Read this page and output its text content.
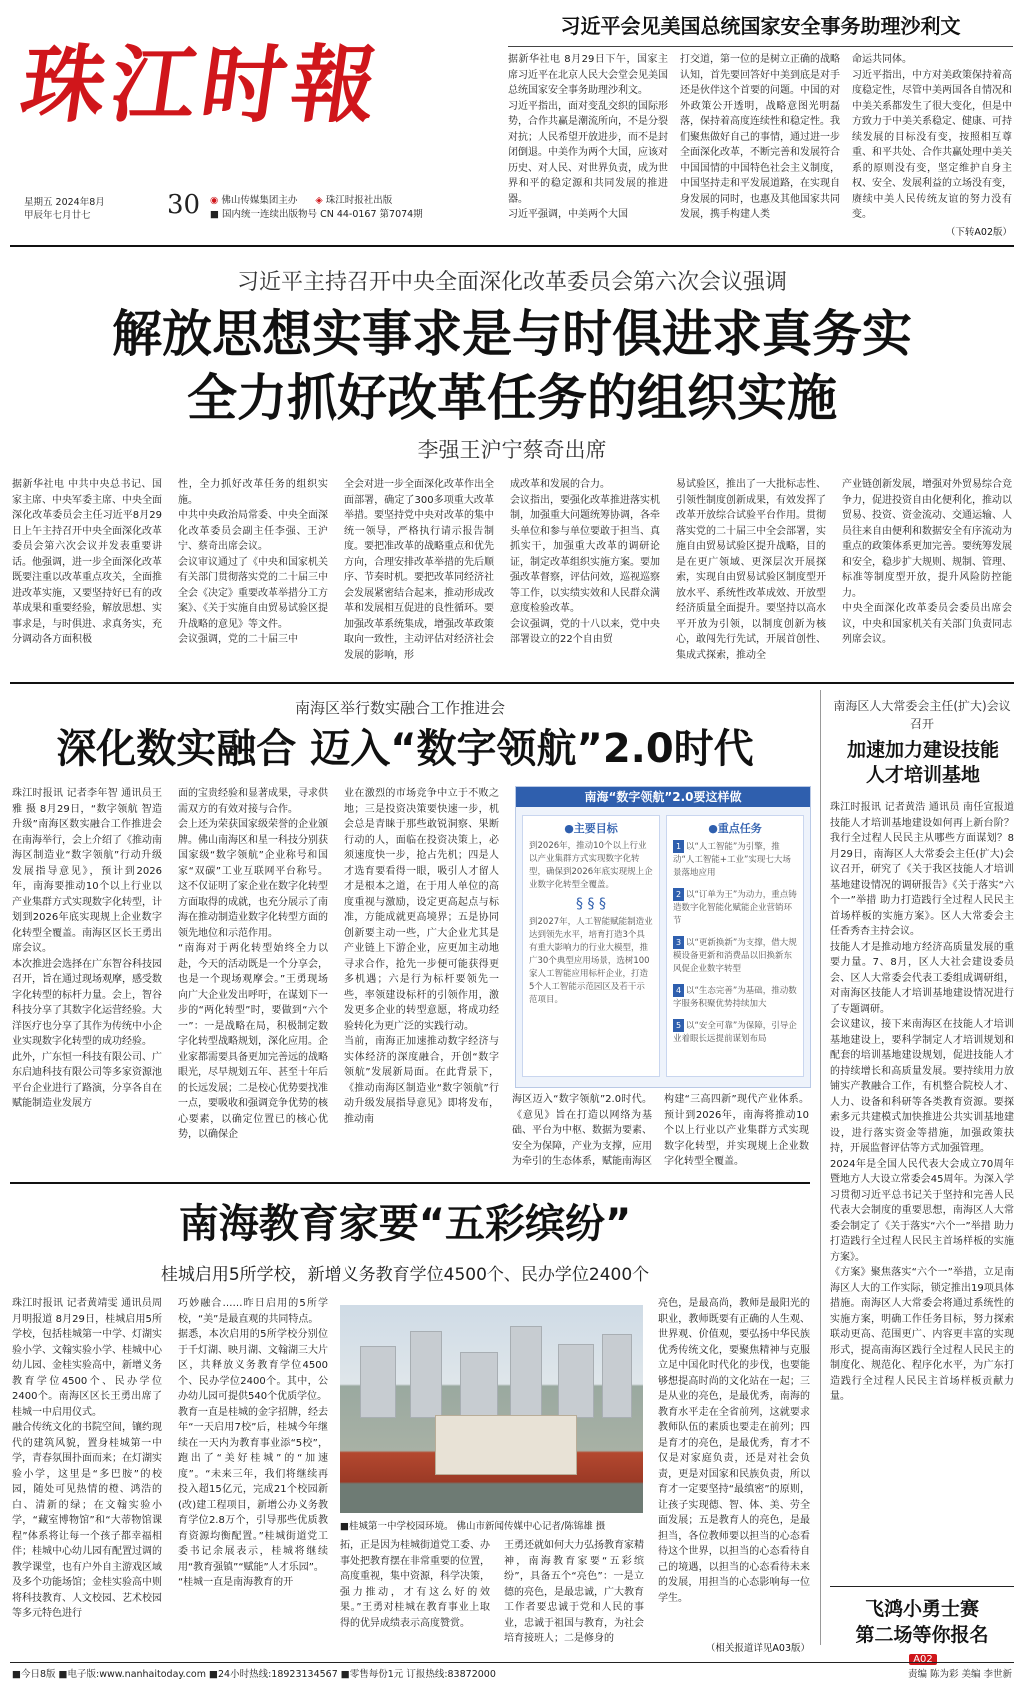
珠江时報
星期五 2024年8月
甲辰年七月廿七	30 ◉ 佛山传媒集团主办 ◈ 珠江时报社出版
■ 国内统一连续出版物号 CN 44-0167 第7074期
习近平会见美国总统国家安全事务助理沙利文
据新华社电 8月29日下午，国家主席习近平在北京人民大会堂会见美国总统国家安全事务助理沙利文。
习近平指出，面对变乱交织的国际形势，合作共赢是潮流所向，不是分裂对抗；人民希望开放进步，而不是封闭倒退。中美作为两个大国，应该对历史、对人民、对世界负责，成为世界和平的稳定源和共同发展的推进器。
习近平强调，中美两个大国
打交道，第一位的是树立正确的战略认知，首先要回答好中美到底是对手还是伙伴这个首要的问题。中国的对外政策公开透明，战略意图光明磊落，保持着高度连续性和稳定性。我们聚焦做好自己的事情，通过进一步全面深化改革，不断完善和发展符合中国国情的中国特色社会主义制度，中国坚持走和平发展道路，在实现自身发展的同时，也惠及其他国家共同发展，携手构建人类
命运共同体。
习近平指出，中方对美政策保持着高度稳定性，尽管中美两国各自情况和中美关系都发生了很大变化，但是中方致力于中美关系稳定、健康、可持续发展的目标没有变，按照相互尊重、和平共处、合作共赢处理中美关系的原则没有变，坚定维护自身主权、安全、发展利益的立场没有变，赓续中美人民传统友谊的努力没有变。
（下转A02版）
习近平主持召开中央全面深化改革委员会第六次会议强调
解放思想实事求是与时俱进求真务实
全力抓好改革任务的组织实施
李强王沪宁蔡奇出席
据新华社电 中共中央总书记、国家主席、中央军委主席、中央全面深化改革委员会主任习近平8月29日上午主持召开中央全面深化改革委员会第六次会议并发表重要讲话。他强调，进一步全面深化改革既要注重以改革重点攻关，全面推进改革实施，又要坚持好已有的改革成果和重要经验，解放思想、实事求是，与时俱进、求真务实，充分调动各方面积极
性，全力抓好改革任务的组织实施。
中共中央政治局常委、中央全面深化改革委员会副主任李强、王沪宁、蔡奇出席会议。
会议审议通过了《中央和国家机关有关部门贯彻落实党的二十届三中全会《决定》重要改革举措分工方案》、《关于实施自由贸易试验区提升战略的意见》等文件。
会议强调，党的二十届三中
全会对进一步全面深化改革作出全面部署，确定了300多项重大改革举措。要坚持党中央对改革的集中统一领导，严格执行请示报告制度。要把准改革的战略重点和优先方向，合理安排改革举措的先后顺序、节奏时机。要把改革同经济社会发展紧密结合起来，推动形成改革和发展相互促进的良性循环。要加强改革系统集成，增强改革政策取向一致性，主动评估对经济社会发展的影响，形
成改革和发展的合力。
会议指出，要强化改革推进落实机制，加强重大问题统筹协调，各牵头单位和参与单位要敢于担当、真抓实干，加强重大改革的调研论证，制定改革组织实施方案。要加强改革督察，评估问效，巡视巡察等工作，以实绩实效和人民群众满意度检验改革。
会议强调，党的十八以来，党中央部署设立的22个自由贸
易试验区，推出了一大批标志性、引领性制度创新成果，有效发挥了改革开放综合试验平台作用。贯彻落实党的二十届三中全会部署，实施自由贸易试验区提升战略，目的是在更广领域、更深层次开展探索，实现自由贸易试验区制度型开放水平、系统性改革成效、开放型经济质量全面提升。要坚持以高水平开放为引领，以制度创新为核心，敢闯先行先试，开展首创性、集成式探索，推动全
产业链创新发展，增强对外贸易综合竞争力，促进投资自由化便利化，推动以贸易、投资、资金流动、交通运输、人员往来自由便利和数据安全有序流动为重点的政策体系更加完善。要统筹发展和安全，稳步扩大规则、规制、管理、标准等制度型开放，提升风险防控能力。
中央全面深化改革委员会委员出席会议，中央和国家机关有关部门负责同志列席会议。
南海区举行数实融合工作推进会
深化数实融合 迈入“数字领航”2.0时代
珠江时报讯 记者李年智 通讯员王雅 摄 8月29日，“数字领航 智造升级”南海区数实融合工作推进会在南海举行，会上介绍了《推动南海区制造业“数字领航”行动升级发展指导意见》，预计到2026年，南海要推动10个以上行业以产业集群方式实现数字化转型，计划到2026年底实现规上企业数字化转型全覆盖。南海区区长王勇出席会议。
本次推进会选择在广东智谷科技园召开，旨在通过现场观摩，感受数字化转型的标杆力量。会上，智谷科技分享了其数字化运营经验。大洋医疗也分享了其作为传统中小企业实现数字化转型的成功经验。
此外，广东恒一科技有限公司、广东启迪科技有限公司等多家资源池平台企业进行了路演，分享各自在赋能制造业发展方
面的宝贵经验和显著成果，寻求供需双方的有效对接与合作。
会上还为荣获国家级荣誉的企业颁牌。佛山南海区和星一科技分别获国家级“数字领航”企业称号和国家“双碳”工业互联网平台称号。这不仅证明了家企业在数字化转型方面取得的成就，也充分展示了南海在推动制造业数字化转型方面的领先地位和示范作用。
“南海对于两化转型始终全力以赴，今天的活动既是一个分享会，也是一个现场观摩会。”王勇现场向广大企业发出呼吁，在谋划下一步的“两化转型”时，要做到“六个一”：一是战略在局，积极制定数字化转型战略规划，深化应用。企业家都需要具备更加完善远的战略眼光，尽早规划五年、甚至十年后的长远发展；二是校心优势要找准一点，要吸收和强调竞争优势的核心要素，以确定位置已的核心优势，以确保企
业在激烈的市场竞争中立于不败之地；三是投资决策要快速一步，机会总是青睐于那些敢锐洞察、果断行动的人，面临在投资决策上，必须速度快一步，抢占先机；四是人才选育要看得一眼，吸引人才留人才是根本之道，在于用人单位的高度重视与激励，设定更高起点与标准，方能成就更高境界；五是协同创新要主动一些，广大企业尤其是产业链上下游企业，应更加主动地寻求合作，抢先一步便可能获得更多机遇；六是行为标杆要领先一些，率领建设标杆的引领作用，激发更多企业的转型意愿，将成功经验转化为更广泛的实践行动。
当前，南海正加速推动数字经济与实体经济的深度融合，开创“数字领航”发展新局面。在此背景下，《推动南海区制造业“数字领航”行动升级发展指导意见》即将发布，推动南
南海“数字领航”2.0要这样做
●主要目标
到2026年，推动10个以上行业以产业集群方式实现数字化转型，确保到2026年底实现规上企业数字化转型全覆盖。
§ § §
到2027年，人工智能赋能制造业达到领先水平，培育打造3个具有重大影响力的行业大模型，推广30个典型应用场景，选树100家人工智能应用标杆企业，打造5个人工智能示范园区及若干示范项目。
●重点任务
1 以“人工智能”为引擎，推动“人工智能+工业”实现七大场景落地应用
2 以“订单为王”为动力，重点铸造数字化智能化赋能企业营销环节
3 以“更新换新”为支撑，借大规模设备更新和消费品以旧换新东风促企业数字转型
4 以“生态完善”为基础，推动数字服务积聚优势持续加大
5 以“安全可靠”为保障，引导企业着眼长远提前谋划布局
海区迈入“数字领航”2.0时代。《意见》旨在打造以网络为基础、平台为中枢、数据为要素、安全为保障，产业为支撑，应用为牵引的生态体系，赋能南海区
构建“三高四新”现代产业体系。预计到2026年，南海将推动10个以上行业以产业集群方式实现数字化转型，并实现规上企业数字化转型全覆盖。
南海区人大常委会主任(扩大)会议召开
加速加力建设技能人才培训基地
珠江时报讯 记者黄浩 通讯员 南任宣报道 技能人才培训基地建设如何再上新台阶？我行全过程人民民主从哪些方面谋划？8月29日，南海区人大常委会主任(扩大)会议召开，研究了《关于我区技能人才培训基地建设情况的调研报告》《关于落实“六个一”举措 助力打造践行全过程人民民主首场样板的实施方案》。区人大常委会主任香秀杏主持会议。
技能人才是推动地方经济高质量发展的重要力量。7、8月，区人大社会建设委员会、区人大常委会代表工委组成调研组，对南海区技能人才培训基地建设情况进行了专题调研。
会议建议，接下来南海区在技能人才培训基地建设上，要科学制定人才培训规划和配套的培训基地建设规划，促进技能人才的持续增长和高质量发展。要持续用力放铺实产教融合工作，有机整合院校人才、人力、设备和科研等各类教育资源。要探索多元共建模式加快推进公共实训基地建设，进行落实资金等措施，加强政策扶持，开展监督评估等方式加强管理。
2024年是全国人民代表大会成立70周年暨地方人大设立常委会45周年。为深入学习贯彻习近平总书记关于坚持和完善人民代表大会制度的重要思想，南海区人大常委会制定了《关于落实“六个一”举措 助力打造践行全过程人民民主首场样板的实施方案》。
《方案》聚焦落实“六个一”举措，立足南海区人大的工作实际，锁定推出19项具体措施。南海区人大常委会将通过系统性的实施方案，明确工作任务目标，努力探索联动更高、范围更广、内容更丰富的实现形式，提高南海区践行全过程人民民主的制度化、规范化、程序化水平，为广东打造践行全过程人民民主首场样板贡献力量。
飞鸿小勇士赛
第二场等你报名
A02
南海教育家要“五彩缤纷”
桂城启用5所学校，新增义务教育学位4500个、民办学位2400个
珠江时报讯 记者黄靖雯 通讯员周月明报道 8月29日，桂城启用5所学校，包括桂城第一中学、灯湖实验小学、文翰实验小学、桂城中心幼儿园、金桂实验高中，新增义务教育学位4500个、民办学位2400个。南海区区长王勇出席了桂城一中启用仪式。
融合传统文化的书院空间，镶约现代的建筑风貌，置身桂城第一中学，青春氛围扑面而来；在灯湖实验小学，这里是“多巴胺”的校园，随处可见热情的橙、鸿浩的白、清新的绿；在文翰实验小学，“藏室博物馆”和“大蒂物馆课程”体系将让每一个孩子都幸福相伴；桂城中心幼儿园有配置过调的教学课堂，也有户外自主游戏区域及多个功能场馆；金桂实验高中则将科技教育、人文校园、艺术校园等多元特色进行
巧妙融合……昨日启用的5所学校，“美”是最直观的共同特点。
据悉，本次启用的5所学校分别位于千灯湖、映月湖、文翰湖三大片区，共释放义务教育学位4500个、民办学位2400个。其中，公办幼儿园可提供540个优质学位。
教育一直是桂城的金字招牌，经去年“一天启用7校”后，桂城今年继续在一天内为教育事业添“5校”，跑出了“美好桂城”的“加速度”。“未来三年，我们将继续再投入超15亿元，完成21个校园新(改)建工程项目，新增公办义务教育学位2.8万个，引导那些优质教育资源均衡配置。”桂城街道党工委书记余展表示，桂城将继续用“教育强镇”“赋能”人才乐园”。
“桂城一直是南海教育的开
■桂城第一中学校园环境。 佛山市新闻传媒中心记者/陈锦雄 摄
拓，正是因为桂城街道党工委、办事处把教育摆在非常重要的位置，高度重视，集中资源，科学决策，强力推动，才有这么好的效果。”王勇对桂城在教育事业上取得的优异成绩表示高度赞赏。
王勇还就如何大力弘扬教育家精神，南海教育家要“五彩缤纷”，具备五个“亮色”：一是立德的亮色，是最忠诚，广大教育工作者要忠诚于党和人民的事业，忠诚于祖国与教育，为社会培育接班人；二是修身的
亮色，是最高尚，教师是最阳光的职业，教师既要有正确的人生观、世界观、价值观，要弘扬中华民族优秀传统文化，要聚焦精神与克服立足中国化时代化的步伐，也要能够想提高时尚的文化站在一起；三是从业的亮色，是最优秀，南海的教育水平走在全省前列，这就要求教师队伍的素质也要走在前列；四是育才的亮色，是最优秀，育才不仅是对家庭负责，还是对社会负责，更是对国家和民族负责，所以育才一定要坚持“最缜密”的原则，让孩子实现德、智、体、美、劳全面发展；五是教育人的亮色，是最担当，各位教师要以担当的心态看待这个世界，以担当的心态看待自己的境遇，以担当的心态看待未来的发展，用担当的心态影响每一位学生。
（相关报道详见A03版）
■今日8版 ■电子版:www.nanhaitoday.com ■24小时热线:18923134567 ■零售每份1元 订报热线:83872000	责编 陈为彩 美编 李世新
